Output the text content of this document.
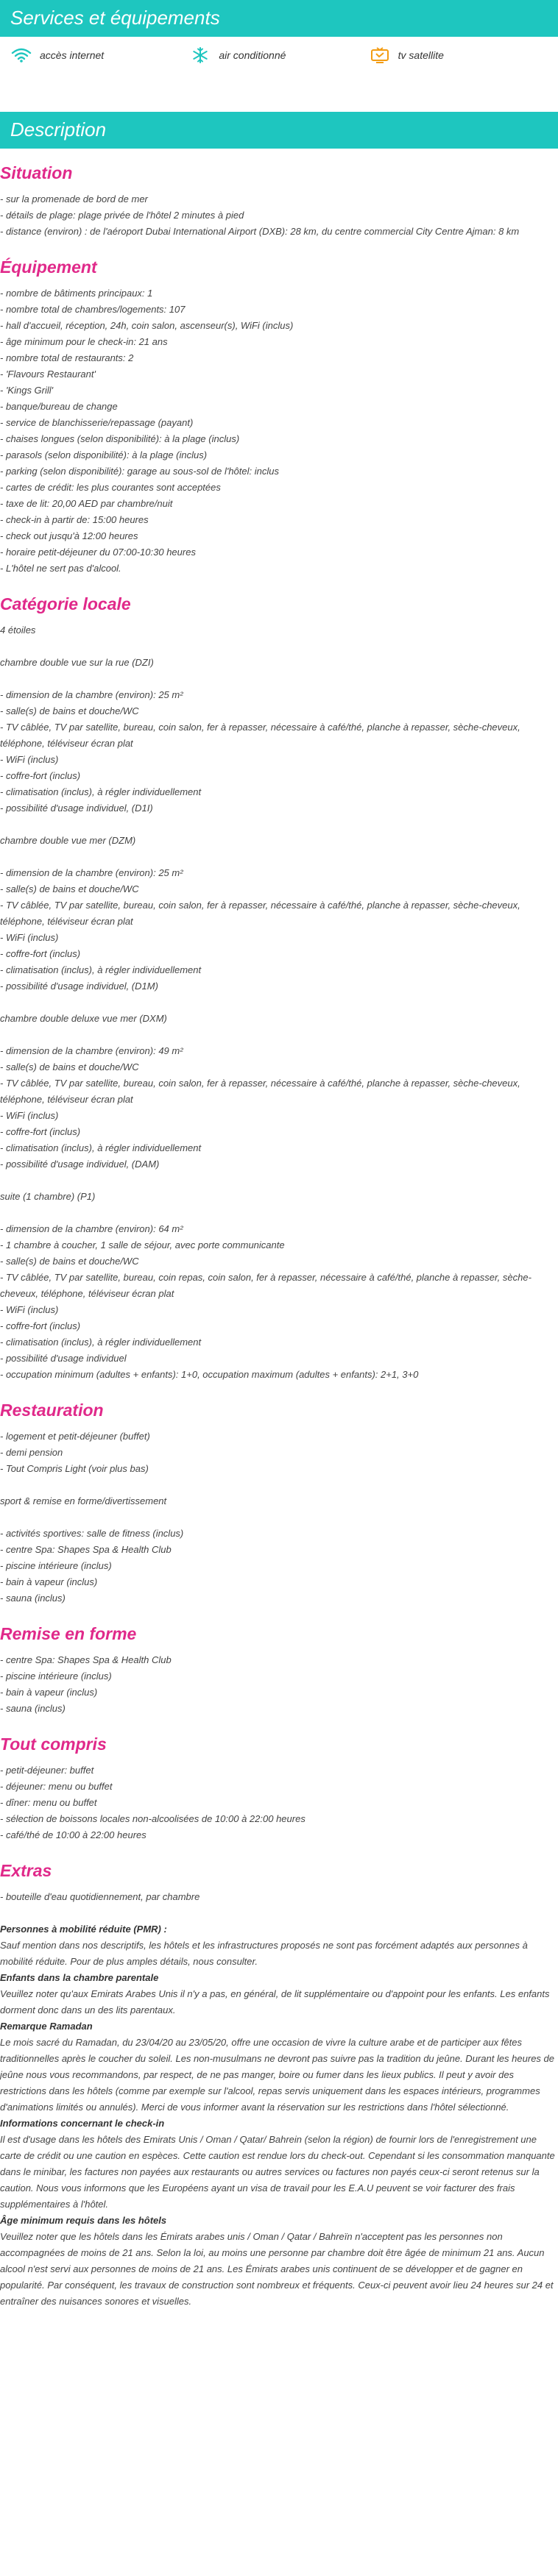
Services et équipements
accès internet	air conditionné	tv satellite
Description
Situation
- sur la promenade de bord de mer
- détails de plage: plage privée de l'hôtel 2 minutes à pied
- distance (environ) : de l'aéroport Dubai International Airport (DXB): 28 km, du centre commercial City Centre Ajman: 8 km
Équipement
- nombre de bâtiments principaux: 1
- nombre total de chambres/logements: 107
- hall d'accueil, réception, 24h, coin salon, ascenseur(s), WiFi (inclus)
- âge minimum pour le check-in: 21 ans
- nombre total de restaurants: 2
- 'Flavours Restaurant'
- 'Kings Grill'
- banque/bureau de change
- service de blanchisserie/repassage (payant)
- chaises longues (selon disponibilité): à la plage (inclus)
- parasols (selon disponibilité): à la plage (inclus)
- parking (selon disponibilité): garage au sous-sol de l'hôtel: inclus
- cartes de crédit: les plus courantes sont acceptées
- taxe de lit: 20,00 AED par chambre/nuit
- check-in à partir de: 15:00 heures
- check out jusqu'à 12:00 heures
- horaire petit-déjeuner du 07:00-10:30 heures
- L'hôtel ne sert pas d'alcool.
Catégorie locale
4 étoiles
chambre double vue sur la rue (DZI)
- dimension de la chambre (environ): 25 m²
- salle(s) de bains et douche/WC
- TV câblée, TV par satellite, bureau, coin salon, fer à repasser, nécessaire à café/thé, planche à repasser, sèche-cheveux, téléphone, téléviseur écran plat
- WiFi (inclus)
- coffre-fort (inclus)
- climatisation (inclus), à régler individuellement
- possibilité d'usage individuel, (D1I)
chambre double vue mer (DZM)
- dimension de la chambre (environ): 25 m²
- salle(s) de bains et douche/WC
- TV câblée, TV par satellite, bureau, coin salon, fer à repasser, nécessaire à café/thé, planche à repasser, sèche-cheveux, téléphone, téléviseur écran plat
- WiFi (inclus)
- coffre-fort (inclus)
- climatisation (inclus), à régler individuellement
- possibilité d'usage individuel, (D1M)
chambre double deluxe vue mer (DXM)
- dimension de la chambre (environ): 49 m²
- salle(s) de bains et douche/WC
- TV câblée, TV par satellite, bureau, coin salon, fer à repasser, nécessaire à café/thé, planche à repasser, sèche-cheveux, téléphone, téléviseur écran plat
- WiFi (inclus)
- coffre-fort (inclus)
- climatisation (inclus), à régler individuellement
- possibilité d'usage individuel, (DAM)
suite (1 chambre) (P1)
- dimension de la chambre (environ): 64 m²
- 1 chambre à coucher, 1 salle de séjour, avec porte communicante
- salle(s) de bains et douche/WC
- TV câblée, TV par satellite, bureau, coin repas, coin salon, fer à repasser, nécessaire à café/thé, planche à repasser, sèche-cheveux, téléphone, téléviseur écran plat
- WiFi (inclus)
- coffre-fort (inclus)
- climatisation (inclus), à régler individuellement
- possibilité d'usage individuel
- occupation minimum (adultes + enfants): 1+0, occupation maximum (adultes + enfants): 2+1, 3+0
Restauration
- logement et petit-déjeuner (buffet)
- demi pension
- Tout Compris Light (voir plus bas)
sport & remise en forme/divertissement
- activités sportives: salle de fitness (inclus)
- centre Spa: Shapes Spa & Health Club
- piscine intérieure (inclus)
- bain à vapeur (inclus)
- sauna (inclus)
Remise en forme
- centre Spa: Shapes Spa & Health Club
- piscine intérieure (inclus)
- bain à vapeur (inclus)
- sauna (inclus)
Tout compris
- petit-déjeuner: buffet
- déjeuner: menu ou buffet
- dîner: menu ou buffet
- sélection de boissons locales non-alcoolisées de 10:00 à 22:00 heures
- café/thé de 10:00 à 22:00 heures
Extras
- bouteille d'eau quotidiennement, par chambre
Personnes à mobilité réduite (PMR) :
Sauf mention dans nos descriptifs, les hôtels et les infrastructures proposés ne sont pas forcément adaptés aux personnes à mobilité réduite. Pour de plus amples détails, nous consulter.
Enfants dans la chambre parentale
Veuillez noter qu'aux Emirats Arabes Unis il n'y a pas, en général, de lit supplémentaire ou d'appoint pour les enfants. Les enfants dorment donc dans un des lits parentaux.
Remarque Ramadan
Le mois sacré du Ramadan, du 23/04/20 au 23/05/20, offre une occasion de vivre la culture arabe et de participer aux fêtes traditionnelles après le coucher du soleil. Les non-musulmans ne devront pas suivre pas la tradition du jeûne. Durant les heures de jeûne nous vous recommandons, par respect, de ne pas manger, boire ou fumer dans les lieux publics. Il peut y avoir des restrictions dans les hôtels (comme par exemple sur l'alcool, repas servis uniquement dans les espaces intérieurs, programmes d'animations limités ou annulés). Merci de vous informer avant la réservation sur les restrictions dans l'hôtel sélectionné.
Informations concernant le check-in
Il est d'usage dans les hôtels des Emirats Unis / Oman / Qatar/ Bahrein (selon la région) de fournir lors de l'enregistrement une carte de crédit ou une caution en espèces. Cette caution est rendue lors du check-out. Cependant si les consommation manquante dans le minibar, les factures non payées aux restaurants ou autres services ou factures non payés ceux-ci seront retenus sur la caution. Nous vous informons que les Européens ayant un visa de travail pour les E.A.U peuvent se voir facturer des frais supplémentaires à l'hôtel.
Âge minimum requis dans les hôtels
Veuillez noter que les hôtels dans les Émirats arabes unis / Oman / Qatar / Bahreïn n'acceptent pas les personnes non accompagnées de moins de 21 ans. Selon la loi, au moins une personne par chambre doit être âgée de minimum 21 ans. Aucun alcool n'est servi aux personnes de moins de 21 ans. Les Émirats arabes unis continuent de se développer et de gagner en popularité. Par conséquent, les travaux de construction sont nombreux et fréquents. Ceux-ci peuvent avoir lieu 24 heures sur 24 et entraîner des nuisances sonores et visuelles.
